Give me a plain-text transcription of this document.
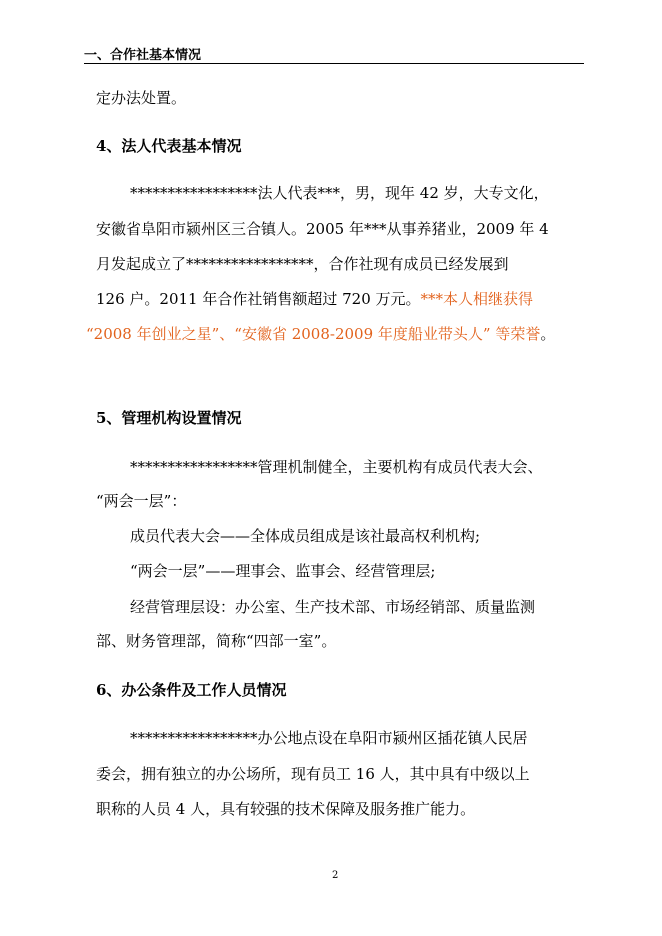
一、合作社基本情况
定办法处置。
4、法人代表基本情况
*****************法人代表***，男，现年 42 岁，大专文化，
安徽省阜阳市颍州区三合镇人。2005 年***从事养猪业，2009 年 4
月发起成立了*****************，合作社现有成员已经发展到
126 户。2011 年合作社销售额超过 720 万元。***本人相继获得
“2008 年创业之星”、“安徽省 2008-2009 年度船业带头人” 等荣誉。
5、管理机构设置情况
*****************管理机制健全，主要机构有成员代表大会、
“两会一层”：
成员代表大会——全体成员组成是该社最高权利机构;
“两会一层”——理事会、监事会、经营管理层;
经营管理层设：办公室、生产技术部、市场经销部、质量监测
部、财务管理部，简称“四部一室”。
6、办公条件及工作人员情况
*****************办公地点设在阜阳市颍州区插花镇人民居
委会，拥有独立的办公场所，现有员工 16 人，其中具有中级以上
职称的人员 4 人，具有较强的技术保障及服务推广能力。
2
